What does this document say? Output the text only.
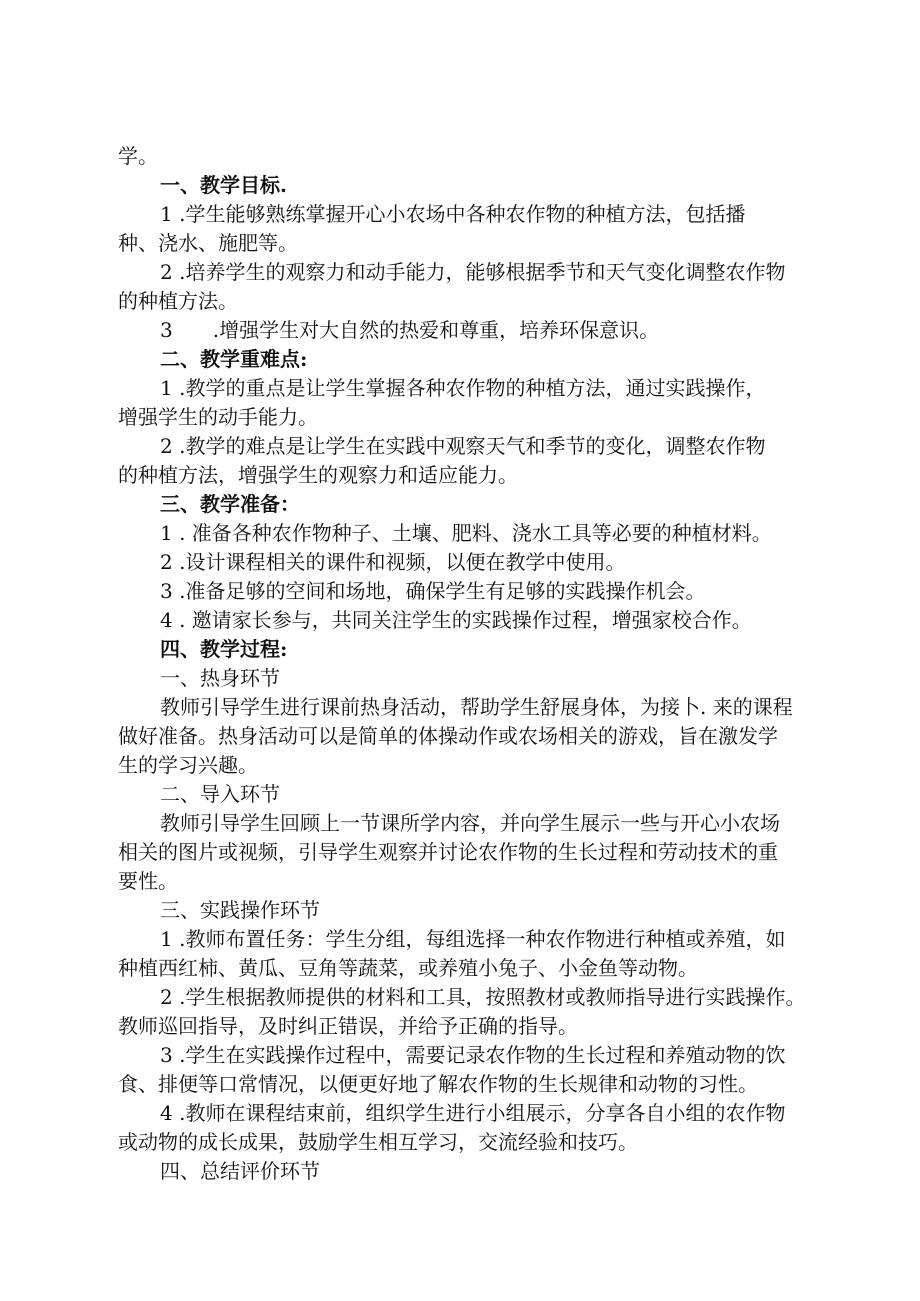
学。
一、教学目标.
1 .学生能够熟练掌握开心小农场中各种农作物的种植方法，包括播
种、浇水、施肥等。
2 .培养学生的观察力和动手能力，能够根据季节和天气变化调整农作物
的种植方法。
3　　.增强学生对大自然的热爱和尊重，培养环保意识。
二、教学重难点:
1 .教学的重点是让学生掌握各种农作物的种植方法，通过实践操作，
增强学生的动手能力。
2 .教学的难点是让学生在实践中观察天气和季节的变化，调整农作物
的种植方法，增强学生的观察力和适应能力。
三、教学准备：
1 . 准备各种农作物种子、土壤、肥料、浇水工具等必要的种植材料。
2 .设计课程相关的课件和视频，以便在教学中使用。
3 .准备足够的空间和场地，确保学生有足够的实践操作机会。
4 . 邀请家长参与，共同关注学生的实践操作过程，增强家校合作。
四、教学过程:
一、热身环节
教师引导学生进行课前热身活动，帮助学生舒展身体，为接卜. 来的课程
做好准备。热身活动可以是简单的体操动作或农场相关的游戏，旨在激发学
生的学习兴趣。
二、导入环节
教师引导学生回顾上一节课所学内容，并向学生展示一些与开心小农场
相关的图片或视频，引导学生观察并讨论农作物的生长过程和劳动技术的重
要性。
三、实践操作环节
1 .教师布置任务：学生分组，每组选择一种农作物进行种植或养殖，如
种植西红柿、黄瓜、豆角等蔬菜，或养殖小兔子、小金鱼等动物。
2 .学生根据教师提供的材料和工具，按照教材或教师指导进行实践操作。
教师巡回指导，及时纠正错误，并给予正确的指导。
3 .学生在实践操作过程中，需要记录农作物的生长过程和养殖动物的饮
食、排便等口常情况，以便更好地了解农作物的生长规律和动物的习性。
4 .教师在课程结束前，组织学生进行小组展示，分享各自小组的农作物
或动物的成长成果，鼓励学生相互学习，交流经验和技巧。
四、总结评价环节
